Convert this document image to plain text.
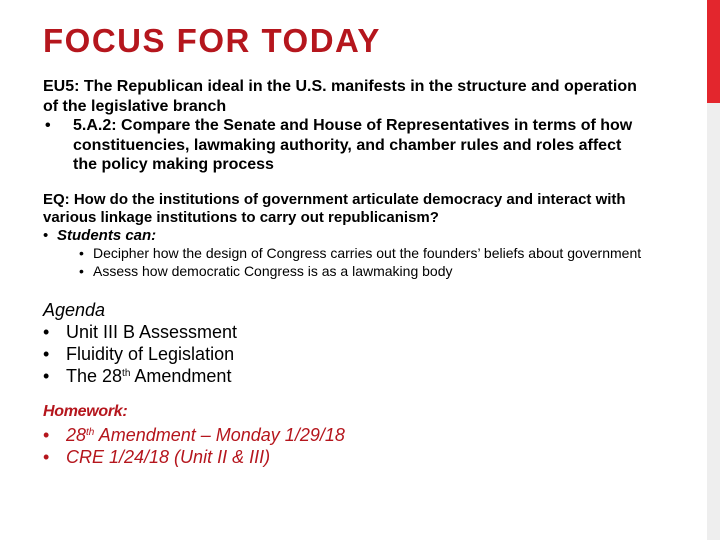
FOCUS FOR TODAY
EU5: The Republican ideal in the U.S. manifests in the structure and operation of the legislative branch
•	5.A.2: Compare the Senate and House of Representatives in terms of how constituencies, lawmaking authority, and chamber rules and roles affect the policy making process
EQ: How do the institutions of government articulate democracy and interact with various linkage institutions to carry out republicanism?
• Students can:
• Decipher how the design of Congress carries out the founders’ beliefs about government
• Assess how democratic Congress is as a lawmaking body
Agenda
• Unit III B Assessment
• Fluidity of Legislation
• The 28th Amendment
Homework:
• 28th Amendment – Monday 1/29/18
• CRE 1/24/18 (Unit II & III)
